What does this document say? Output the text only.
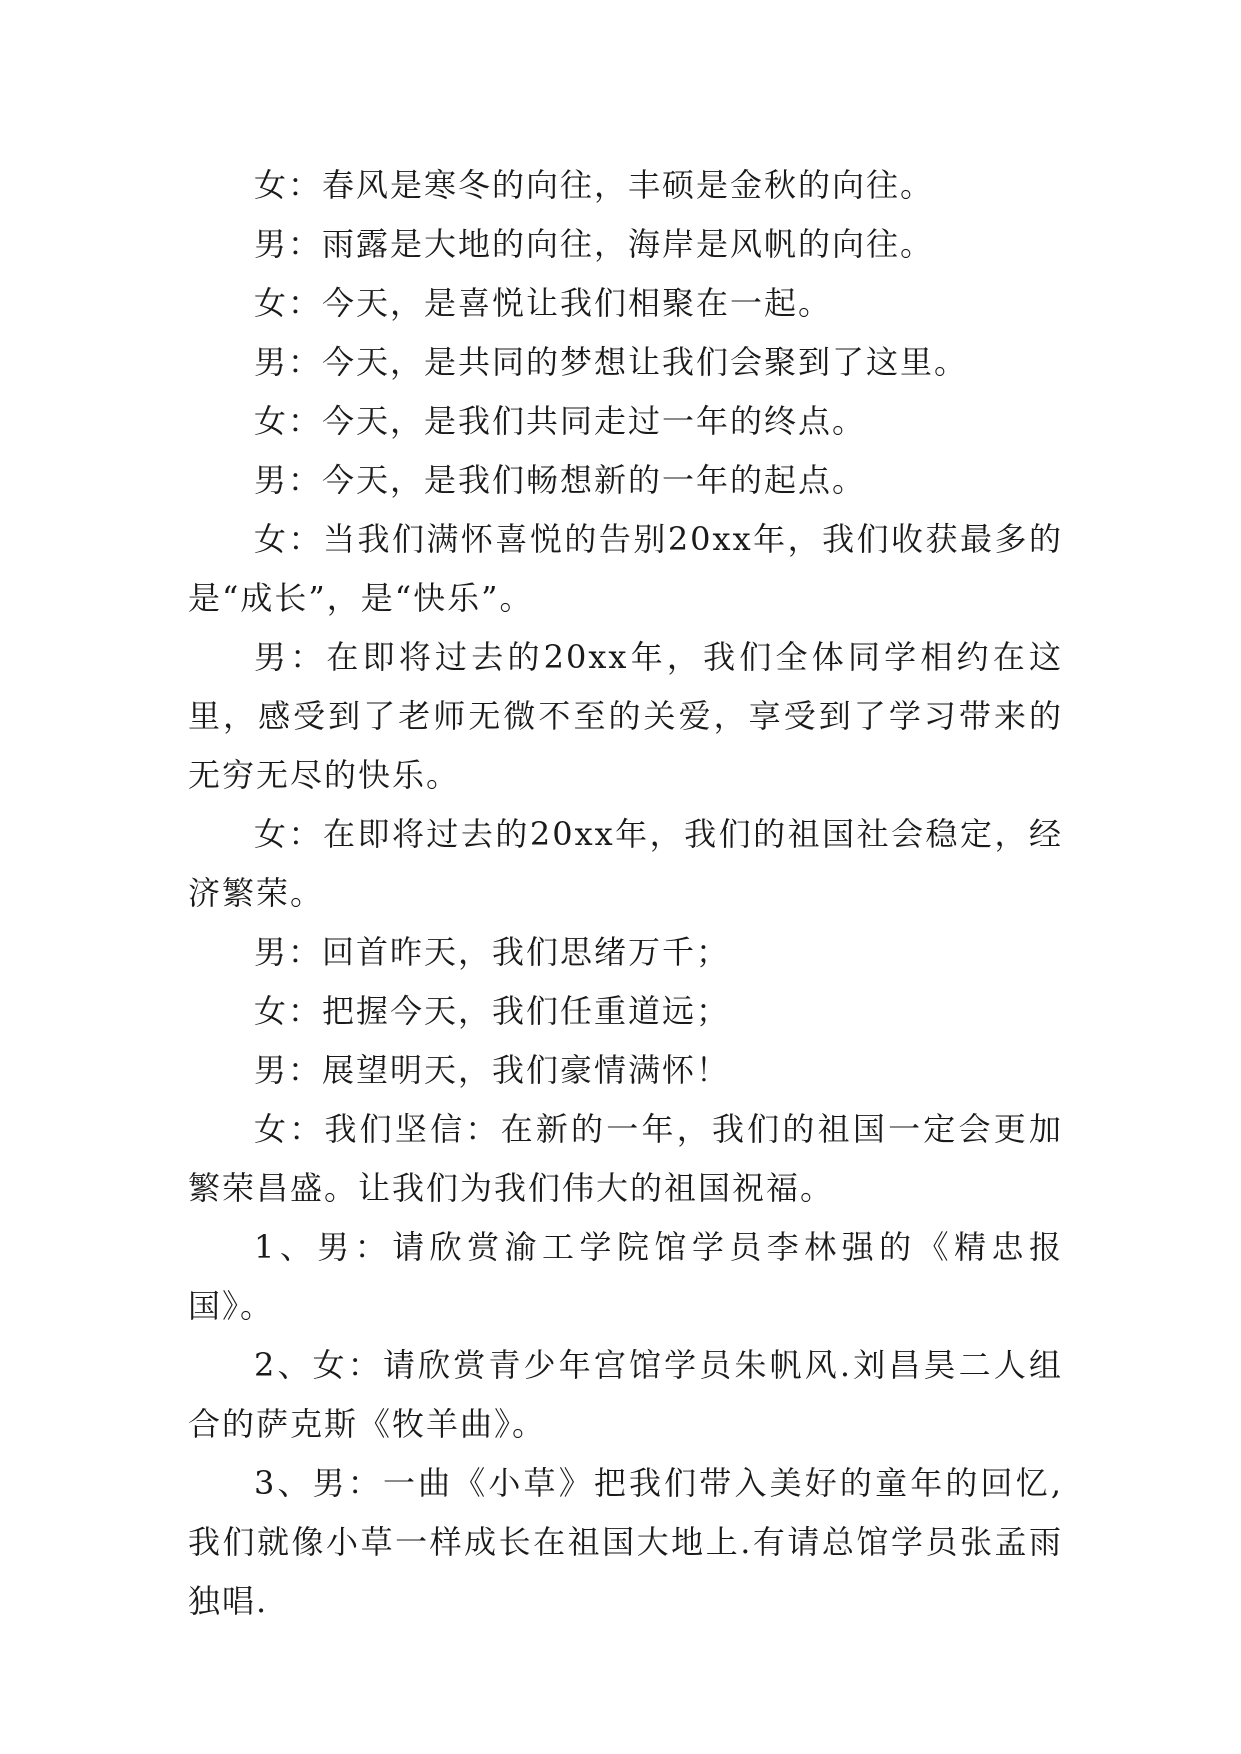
女：春风是寒冬的向往，丰硕是金秋的向往。

男：雨露是大地的向往，海岸是风帆的向往。

女：今天，是喜悦让我们相聚在一起。

男：今天，是共同的梦想让我们会聚到了这里。

女：今天，是我们共同走过一年的终点。

男：今天，是我们畅想新的一年的起点。

女：当我们满怀喜悦的告别20xx年，我们收获最多的是“成长”，是“快乐”。

男：在即将过去的20xx年，我们全体同学相约在这里，感受到了老师无微不至的关爱，享受到了学习带来的无穷无尽的快乐。

女：在即将过去的20xx年，我们的祖国社会稳定，经济繁荣。

男：回首昨天，我们思绪万千；

女：把握今天，我们任重道远；

男：展望明天，我们豪情满怀！

女：我们坚信：在新的一年，我们的祖国一定会更加繁荣昌盛。让我们为我们伟大的祖国祝福。

1、男：请欣赏渝工学院馆学员李林强的《精忠报国》。

2、女：请欣赏青少年宫馆学员朱帆风.刘昌昊二人组合的萨克斯《牧羊曲》。

3、男：一曲《小草》把我们带入美好的童年的回忆,我们就像小草一样成长在祖国大地上.有请总馆学员张孟雨独唱.
